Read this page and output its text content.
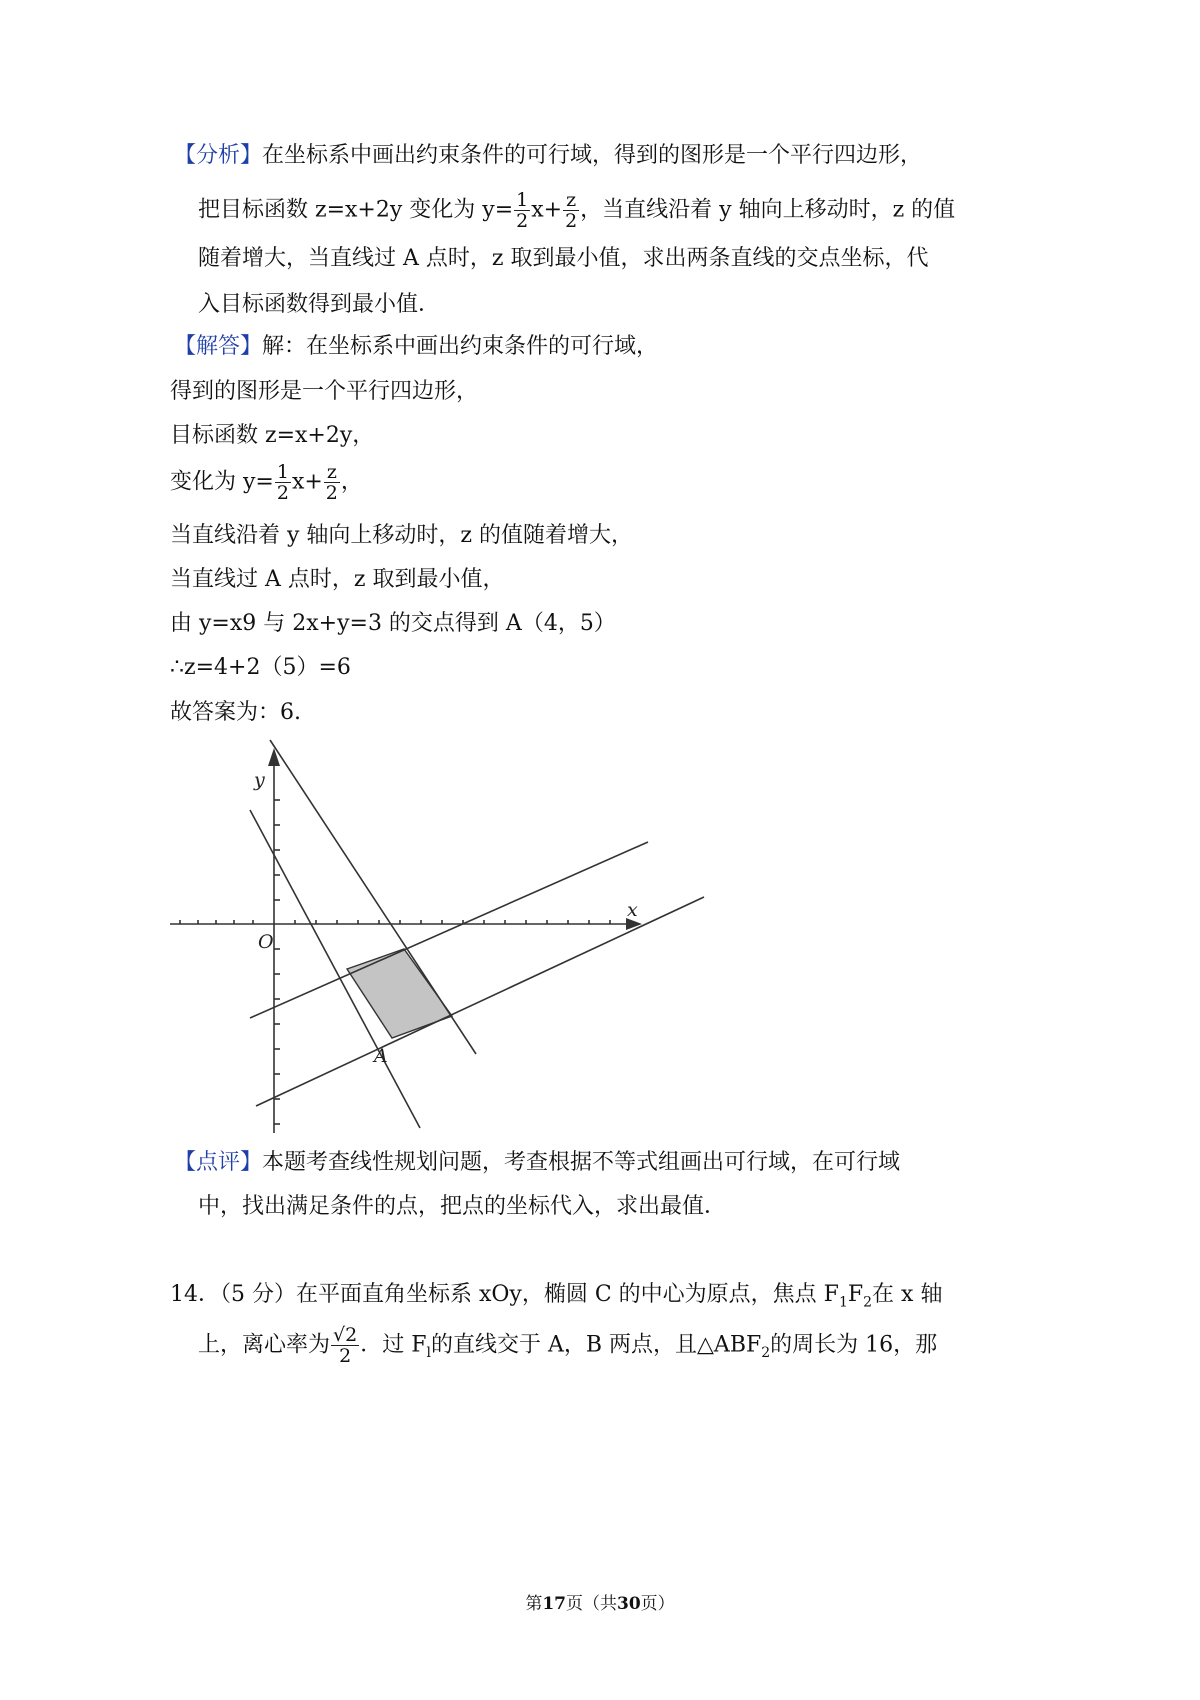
【分析】在坐标系中画出约束条件的可行域，得到的图形是一个平行四边形，
把目标函数 z=x+2y 变化为 $y= \frac{1}{2} x+ \frac{z}{2}$ ，当直线沿着 y 轴向上移动时，z 的值
随着增大，当直线过 A 点时，z 取到最小值，求出两条直线的交点坐标，代
入目标函数得到最小值．
【解答】解：在坐标系中画出约束条件的可行域，
得到的图形是一个平行四边形，
目标函数 z=x+2y，
变化为 $y= \frac{1}{2} x+ \frac{z}{2}$ ，
当直线沿着 y 轴向上移动时，z 的值随着增大，
当直线过 A 点时，z 取到最小值，
由 y=x9 与 2x+y=3 的交点得到 A（4，5）
∴z=4+2（5）=6
故答案为：6.
y
x
O
A
【点评】本题考查线性规划问题，考查根据不等式组画出可行域，在可行域
中，找出满足条件的点，把点的坐标代入，求出最值．
14．（5 分）在平面直角坐标系 xOy，椭圆 C 的中心为原点，焦点 $F_1F_2$在 x 轴
上，离心率为 $\frac{√2}{2}$ ．过 $F_l$的直线交于 A，B 两点，且$\triangle ABF_2$的周长为 16，那
第17页（共30页）
